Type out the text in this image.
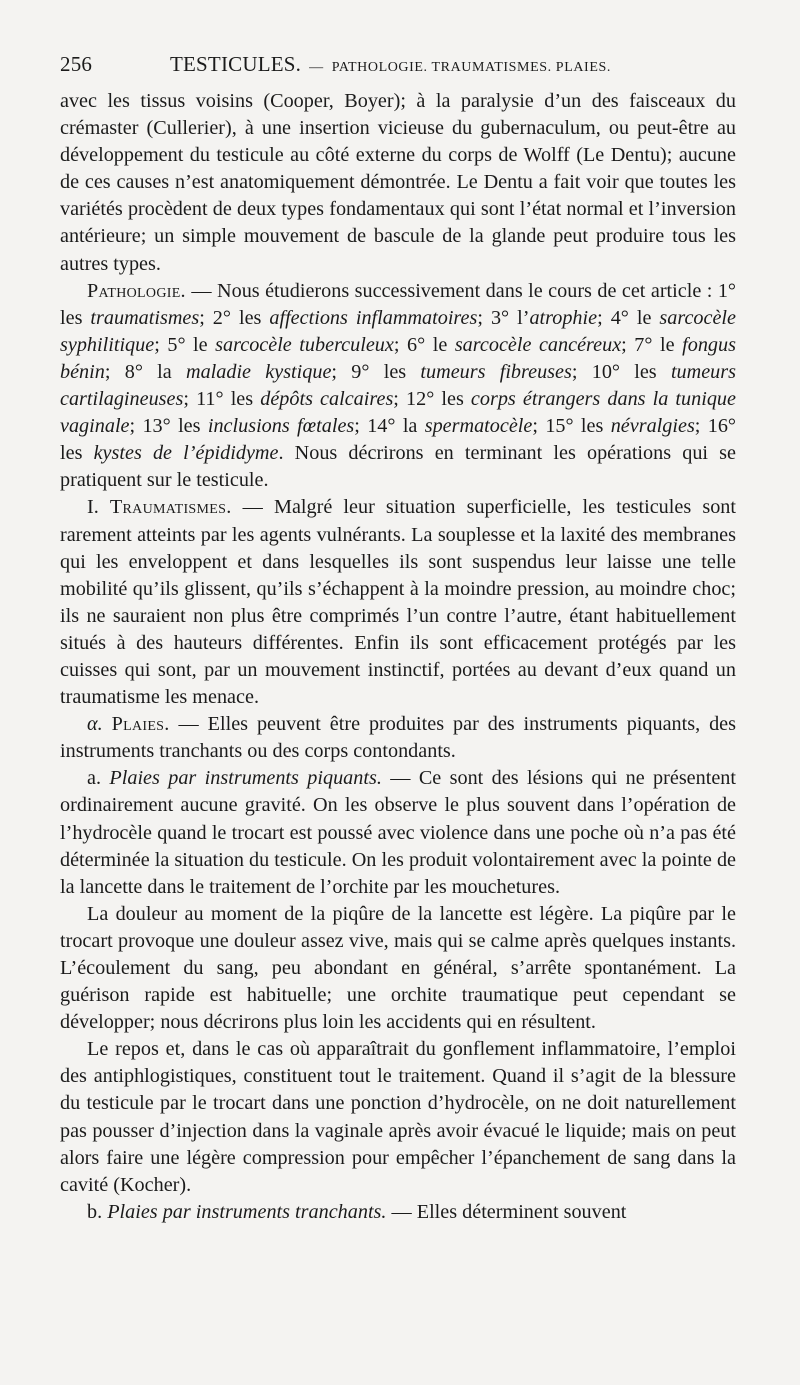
256	TESTICULES. — PATHOLOGIE. TRAUMATISMES. PLAIES.

avec les tissus voisins (Cooper, Boyer); à la paralysie d’un des faisceaux du crémaster (Cullerier), à une insertion vicieuse du gubernaculum, ou peut-être au développement du testicule au côté externe du corps de Wolff (Le Dentu); aucune de ces causes n’est anatomiquement démontrée. Le Dentu a fait voir que toutes les variétés procèdent de deux types fondamentaux qui sont l’état normal et l’inversion antérieure; un simple mouvement de bascule de la glande peut produire tous les autres types.

Pathologie. — Nous étudierons successivement dans le cours de cet article : 1° les traumatismes; 2° les affections inflammatoires; 3° l’atrophie; 4° le sarcocèle syphilitique; 5° le sarcocèle tuberculeux; 6° le sarcocèle cancéreux; 7° le fongus bénin; 8° la maladie kystique; 9° les tumeurs fibreuses; 10° les tumeurs cartilagineuses; 11° les dépôts calcaires; 12° les corps étrangers dans la tunique vaginale; 13° les inclusions fœtales; 14° la spermatocèle; 15° les névralgies; 16° les kystes de l’épididyme. Nous décrirons en terminant les opérations qui se pratiquent sur le testicule.

I. Traumatismes. — Malgré leur situation superficielle, les testicules sont rarement atteints par les agents vulnérants. La souplesse et la laxité des membranes qui les enveloppent et dans lesquelles ils sont suspendus leur laisse une telle mobilité qu’ils glissent, qu’ils s’échappent à la moindre pression, au moindre choc; ils ne sauraient non plus être comprimés l’un contre l’autre, étant habituellement situés à des hauteurs différentes. Enfin ils sont efficacement protégés par les cuisses qui sont, par un mouvement instinctif, portées au devant d’eux quand un traumatisme les menace.

α. Plaies. — Elles peuvent être produites par des instruments piquants, des instruments tranchants ou des corps contondants.

a. Plaies par instruments piquants. — Ce sont des lésions qui ne présentent ordinairement aucune gravité. On les observe le plus souvent dans l’opération de l’hydrocèle quand le trocart est poussé avec violence dans une poche où n’a pas été déterminée la situation du testicule. On les produit volontairement avec la pointe de la lancette dans le traitement de l’orchite par les mouchetures.

La douleur au moment de la piqûre de la lancette est légère. La piqûre par le trocart provoque une douleur assez vive, mais qui se calme après quelques instants. L’écoulement du sang, peu abondant en général, s’arrête spontanément. La guérison rapide est habituelle; une orchite traumatique peut cependant se développer; nous décrirons plus loin les accidents qui en résultent.

Le repos et, dans le cas où apparaîtrait du gonflement inflammatoire, l’emploi des antiphlogistiques, constituent tout le traitement. Quand il s’agit de la blessure du testicule par le trocart dans une ponction d’hydrocèle, on ne doit naturellement pas pousser d’injection dans la vaginale après avoir évacué le liquide; mais on peut alors faire une légère compression pour empêcher l’épanchement de sang dans la cavité (Kocher).

b. Plaies par instruments tranchants. — Elles déterminent souvent
